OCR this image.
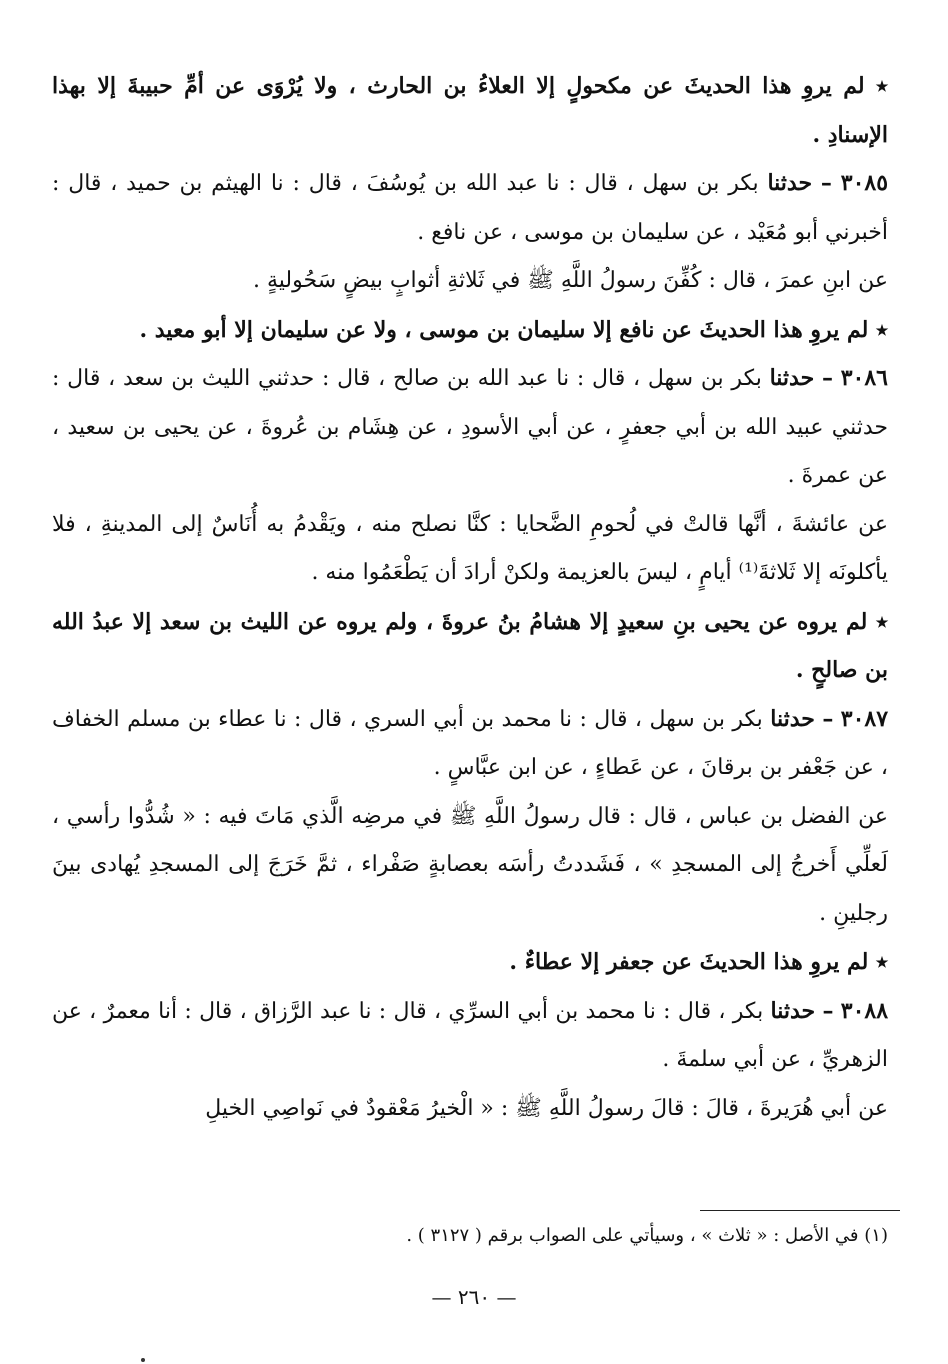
٭ لم يروِ هذا الحديثَ عن مكحولٍ إلا العلاءُ بن الحارث ، ولا يُرْوَى عن أمِّ حبيبةَ إلا بهذا الإسنادِ .

٣٠٨٥ – حدثنا بكر بن سهل ، قال : نا عبد الله بن يُوسُفَ ، قال : نا الهيثم بن حميد ، قال : أخبرني أبو مُعَيْد ، عن سليمان بن موسى ، عن نافع .

عن ابنِ عمرَ ، قال : كُفِّنَ رسولُ اللَّهِ ﷺ في ثَلاثةِ أثوابٍ بيضٍ سَحُوليةٍ .

٭ لم يروِ هذا الحديثَ عن نافع إلا سليمان بن موسى ، ولا عن سليمان إلا أبو معيد .

٣٠٨٦ – حدثنا بكر بن سهل ، قال : نا عبد الله بن صالح ، قال : حدثني الليث بن سعد ، قال : حدثني عبيد الله بن أبي جعفرٍ ، عن أبي الأسودِ ، عن هِشَام بن عُروةَ ، عن يحيى بن سعيد ، عن عمرةَ .

عن عائشةَ ، أنَّها قالتْ في لُحومِ الضَّحايا : كنَّا نصلح منه ، ويَقْدمُ به أُنَاسٌ إلى المدينةِ ، فلا يأكلونَه إلا ثَلاثةَ⁽¹⁾ أيامٍ ، ليسَ بالعزيمة ولكنْ أرادَ أن يَطْعَمُوا منه .

٭ لم يروه عن يحيى بنِ سعيدٍ إلا هشامُ بنُ عروةَ ، ولم يروه عن الليث بن سعد إلا عبدُ الله بن صالحٍ .

٣٠٨٧ – حدثنا بكر بن سهل ، قال : نا محمد بن أبي السري ، قال : نا عطاء بن مسلم الخفاف ، عن جَعْفر بن برقانَ ، عن عَطاءٍ ، عن ابن عبَّاسٍ .

عن الفضل بن عباس ، قال : قال رسولُ اللَّهِ ﷺ في مرضِه الَّذي مَاتَ فيه : « شُدُّوا رأسي ، لَعلِّي أَخرجُ إلى المسجدِ » ، فَشَددتُ رأسَه بعصابةٍ صَفْراء ، ثمَّ خَرَجَ إلى المسجدِ يُهادى بينَ رجلينِ .

٭ لم يروِ هذا الحديثَ عن جعفر إلا عطاءٌ .

٣٠٨٨ – حدثنا بكر ، قال : نا محمد بن أبي السرِّي ، قال : نا عبد الرَّزاق ، قال : أنا معمرٌ ، عن الزهريِّ ، عن أبي سلمةَ .

عن أبي هُرَيرةَ ، قالَ : قالَ رسولُ اللَّهِ ﷺ : « الْخيرُ مَعْقودٌ في نَواصِي الخيلِ

(١) في الأصل : « ثلاث » ، وسيأتي على الصواب برقم ( ٣١٢٧ ) .
— ٢٦٠ —
